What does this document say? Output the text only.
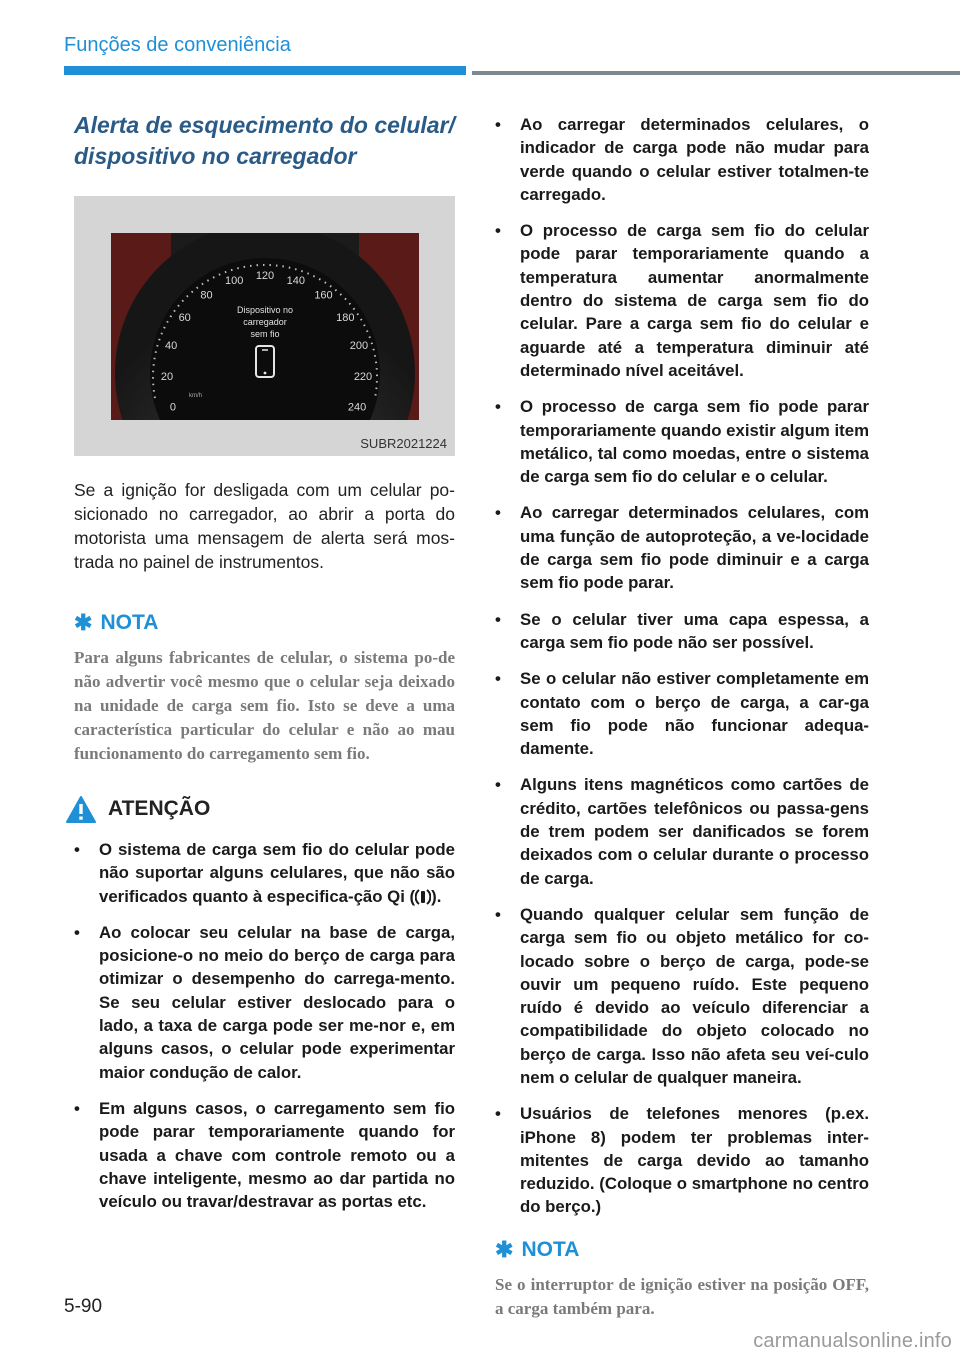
Funções de conveniência
Alerta de esquecimento do celular/ dispositivo no carregador
0
20
40
60
80
100 120 140
160
180
200
220
240
km/h
Dispositivo no
carregador
sem fio
SUBR2021224

Se a ignição for desligada com um celular po-sicionado no carregador, ao abrir a porta do motorista uma mensagem de alerta será mos-trada no painel de instrumentos.

✱ NOTA
Para alguns fabricantes de celular, o sistema po-de não advertir você mesmo que o celular seja deixado na unidade de carga sem fio. Isto se deve a uma característica particular do celular e não ao mau funcionamento do carregamento sem fio.
ATENÇÃO
• O sistema de carga sem fio do celular pode não suportar alguns celulares, que não são verificados quanto à especifica-ção Qi ( ).
• Ao colocar seu celular na base de carga, posicione-o no meio do berço de carga para otimizar o desempenho do carrega-mento. Se seu celular estiver deslocado para o lado, a taxa de carga pode ser me-nor e, em alguns casos, o celular pode experimentar maior condução de calor.
• Em alguns casos, o carregamento sem fio pode parar temporariamente quando for usada a chave com controle remoto ou a chave inteligente, mesmo ao dar partida no veículo ou travar/destravar as portas etc.
• Ao carregar determinados celulares, o indicador de carga pode não mudar para verde quando o celular estiver totalmen-te carregado.
• O processo de carga sem fio do celular pode parar temporariamente quando a temperatura aumentar anormalmente dentro do sistema de carga sem fio do celular. Pare a carga sem fio do celular e aguarde até a temperatura diminuir até determinado nível aceitável.
• O processo de carga sem fio pode parar temporariamente quando existir algum item metálico, tal como moedas, entre o sistema de carga sem fio do celular e o celular.
• Ao carregar determinados celulares, com uma função de autoproteção, a ve-locidade de carga sem fio pode diminuir e a carga sem fio pode parar.
• Se o celular tiver uma capa espessa, a carga sem fio pode não ser possível.
• Se o celular não estiver completamente em contato com o berço de carga, a car-ga sem fio pode não funcionar adequa-damente.
• Alguns itens magnéticos como cartões de crédito, cartões telefônicos ou passa-gens de trem podem ser danificados se forem deixados com o celular durante o processo de carga.
• Quando qualquer celular sem função de carga sem fio ou objeto metálico for co-locado sobre o berço de carga, pode-se ouvir um pequeno ruído. Este pequeno ruído é devido ao veículo diferenciar a compatibilidade do objeto colocado no berço de carga. Isso não afeta seu veí-culo nem o celular de qualquer maneira.
• Usuários de telefones menores (p.ex. iPhone 8) podem ter problemas inter-mitentes de carga devido ao tamanho reduzido. (Coloque o smartphone no centro do berço.)
✱ NOTA
Se o interruptor de ignição estiver na posição OFF, a carga também para.
5-90
carmanualsonline.info
